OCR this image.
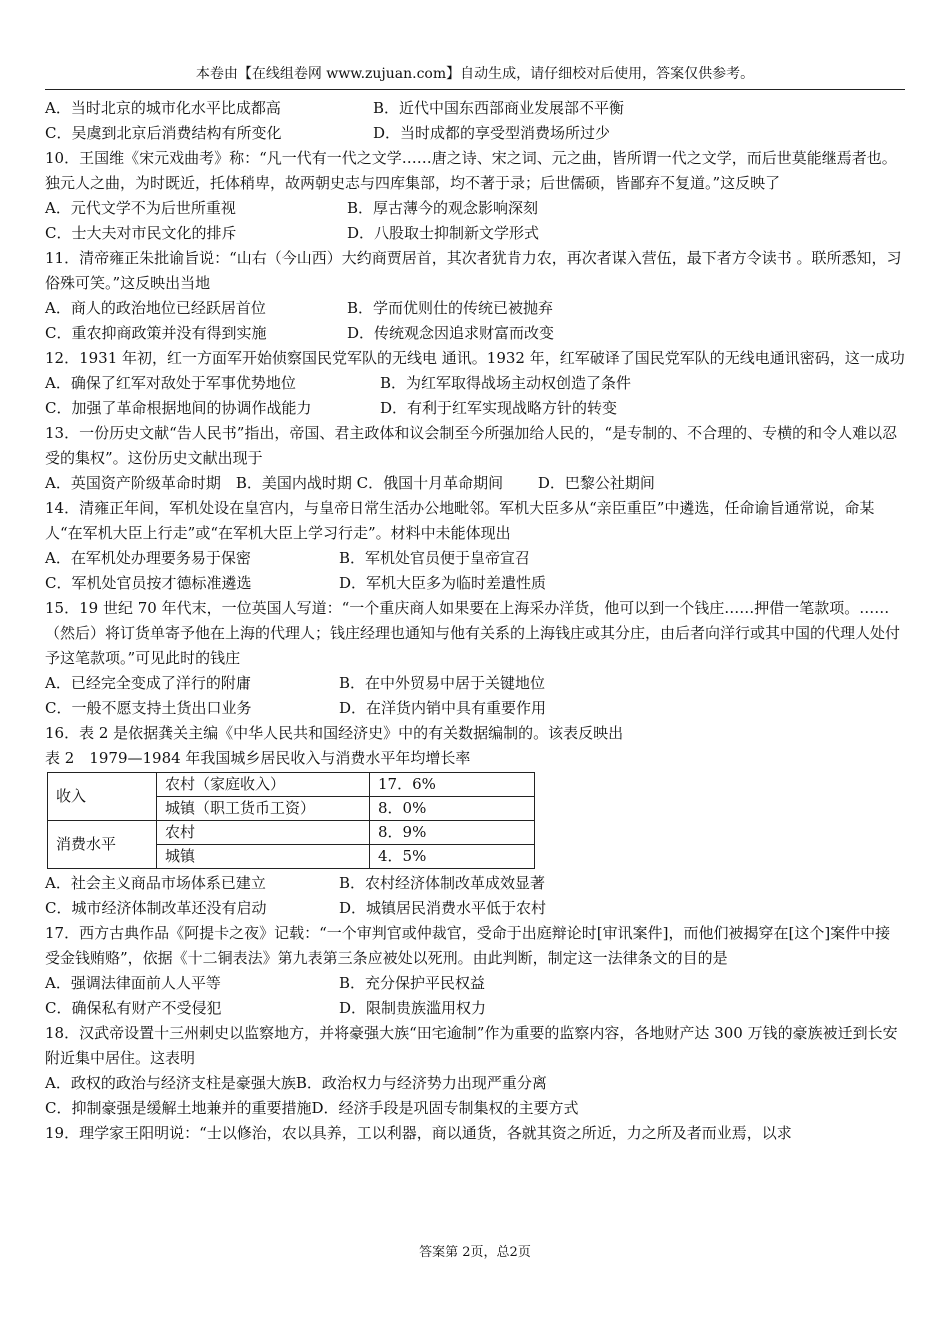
本卷由【在线组卷网 www.zujuan.com】自动生成，请仔细校对后使用，答案仅供参考。
A．当时北京的城市化水平比成都高	B．近代中国东西部商业发展部不平衡
C．吴虞到北京后消费结构有所变化	D．当时成都的享受型消费场所过少

10．王国维《宋元戏曲考》称：“凡一代有一代之文学……唐之诗、宋之词、元之曲，皆所谓一代之文学，而后世莫能继焉者也。独元人之曲，为时既近，托体稍卑，故两朝史志与四库集部，均不著于录；后世儒硕，皆鄙弃不复道。”这反映了

A．元代文学不为后世所重视	B．厚古薄今的观念影响深刻
C．士大夫对市民文化的排斥	D．八股取士抑制新文学形式

11．清帝雍正朱批谕旨说：“山右（今山西）大约商贾居首，其次者犹肯力农，再次者谋入营伍，最下者方令读书 。联所悉知，习俗殊可笑。”这反映出当地

A．商人的政治地位已经跃居首位	B．学而优则仕的传统已被抛弃
C．重农抑商政策并没有得到实施	D．传统观念因追求财富而改变

12．1931 年初，红一方面军开始侦察国民党军队的无线电 通讯。1932 年，红军破译了国民党军队的无线电通讯密码，这一成功

A．确保了红军对敌处于军事优势地位	B．为红军取得战场主动权创造了条件
C．加强了革命根据地间的协调作战能力	D．有利于红军实现战略方针的转变

13．一份历史文献“告人民书”指出，帝国、君主政体和议会制至今所强加给人民的，“是专制的、不合理的、专横的和令人难以忍受的集权”。这份历史文献出现于

A．英国资产阶级革命时期　B．美国内战时期 C．俄国十月革命期间　　 D．巴黎公社期间

14．清雍正年间，军机处设在皇宫内，与皇帝日常生活办公地毗邻。军机大臣多从“亲臣重臣”中遴选，任命谕旨通常说，命某人“在军机大臣上行走”或“在军机大臣上学习行走”。材料中未能体现出

A．在军机处办理要务易于保密	B．军机处官员便于皇帝宣召
C．军机处官员按才德标准遴选	D．军机大臣多为临时差遣性质

15．19 世纪 70 年代末，一位英国人写道：“一个重庆商人如果要在上海采办洋货，他可以到一个钱庄……押借一笔款项。……（然后）将订货单寄予他在上海的代理人；钱庄经理也通知与他有关系的上海钱庄或其分庄，由后者向洋行或其中国的代理人处付予这笔款项。”可见此时的钱庄

A．已经完全变成了洋行的附庸	B．在中外贸易中居于关键地位
C．一般不愿支持土货出口业务	D．在洋货内销中具有重要作用

16．表 2 是依据龚关主编《中华人民共和国经济史》中的有关数据编制的。该表反映出

表 2　1979—1984 年我国城乡居民收入与消费水平年均增长率

收入	农村（家庭收入）	17．6%
	城镇（职工货币工资）	8．0%
消费水平	农村	8．9%
	城镇	4．5%
A．社会主义商品市场体系已建立	B．农村经济体制改革成效显著
C．城市经济体制改革还没有启动	D．城镇居民消费水平低于农村

17．西方古典作品《阿提卡之夜》记载：“一个审判官或仲裁官，受命于出庭辩论时[审讯案件]，而他们被揭穿在[这个]案件中接受金钱贿赂”，依据《十二铜表法》第九表第三条应被处以死刑。由此判断，制定这一法律条文的目的是

A．强调法律面前人人平等	B．充分保护平民权益
C．确保私有财产不受侵犯	D．限制贵族滥用权力

18．汉武帝设置十三州刺史以监察地方，并将豪强大族“田宅逾制”作为重要的监察内容，各地财产达 300 万钱的豪族被迁到长安附近集中居住。这表明

A．政权的政治与经济支柱是豪强大族B．政治权力与经济势力出现严重分离

C．抑制豪强是缓解土地兼并的重要措施D．经济手段是巩固专制集权的主要方式

19．理学家王阳明说：“士以修治，农以具养，工以利器，商以通货，各就其资之所近，力之所及者而业焉，以求

答案第 2页，总2页
